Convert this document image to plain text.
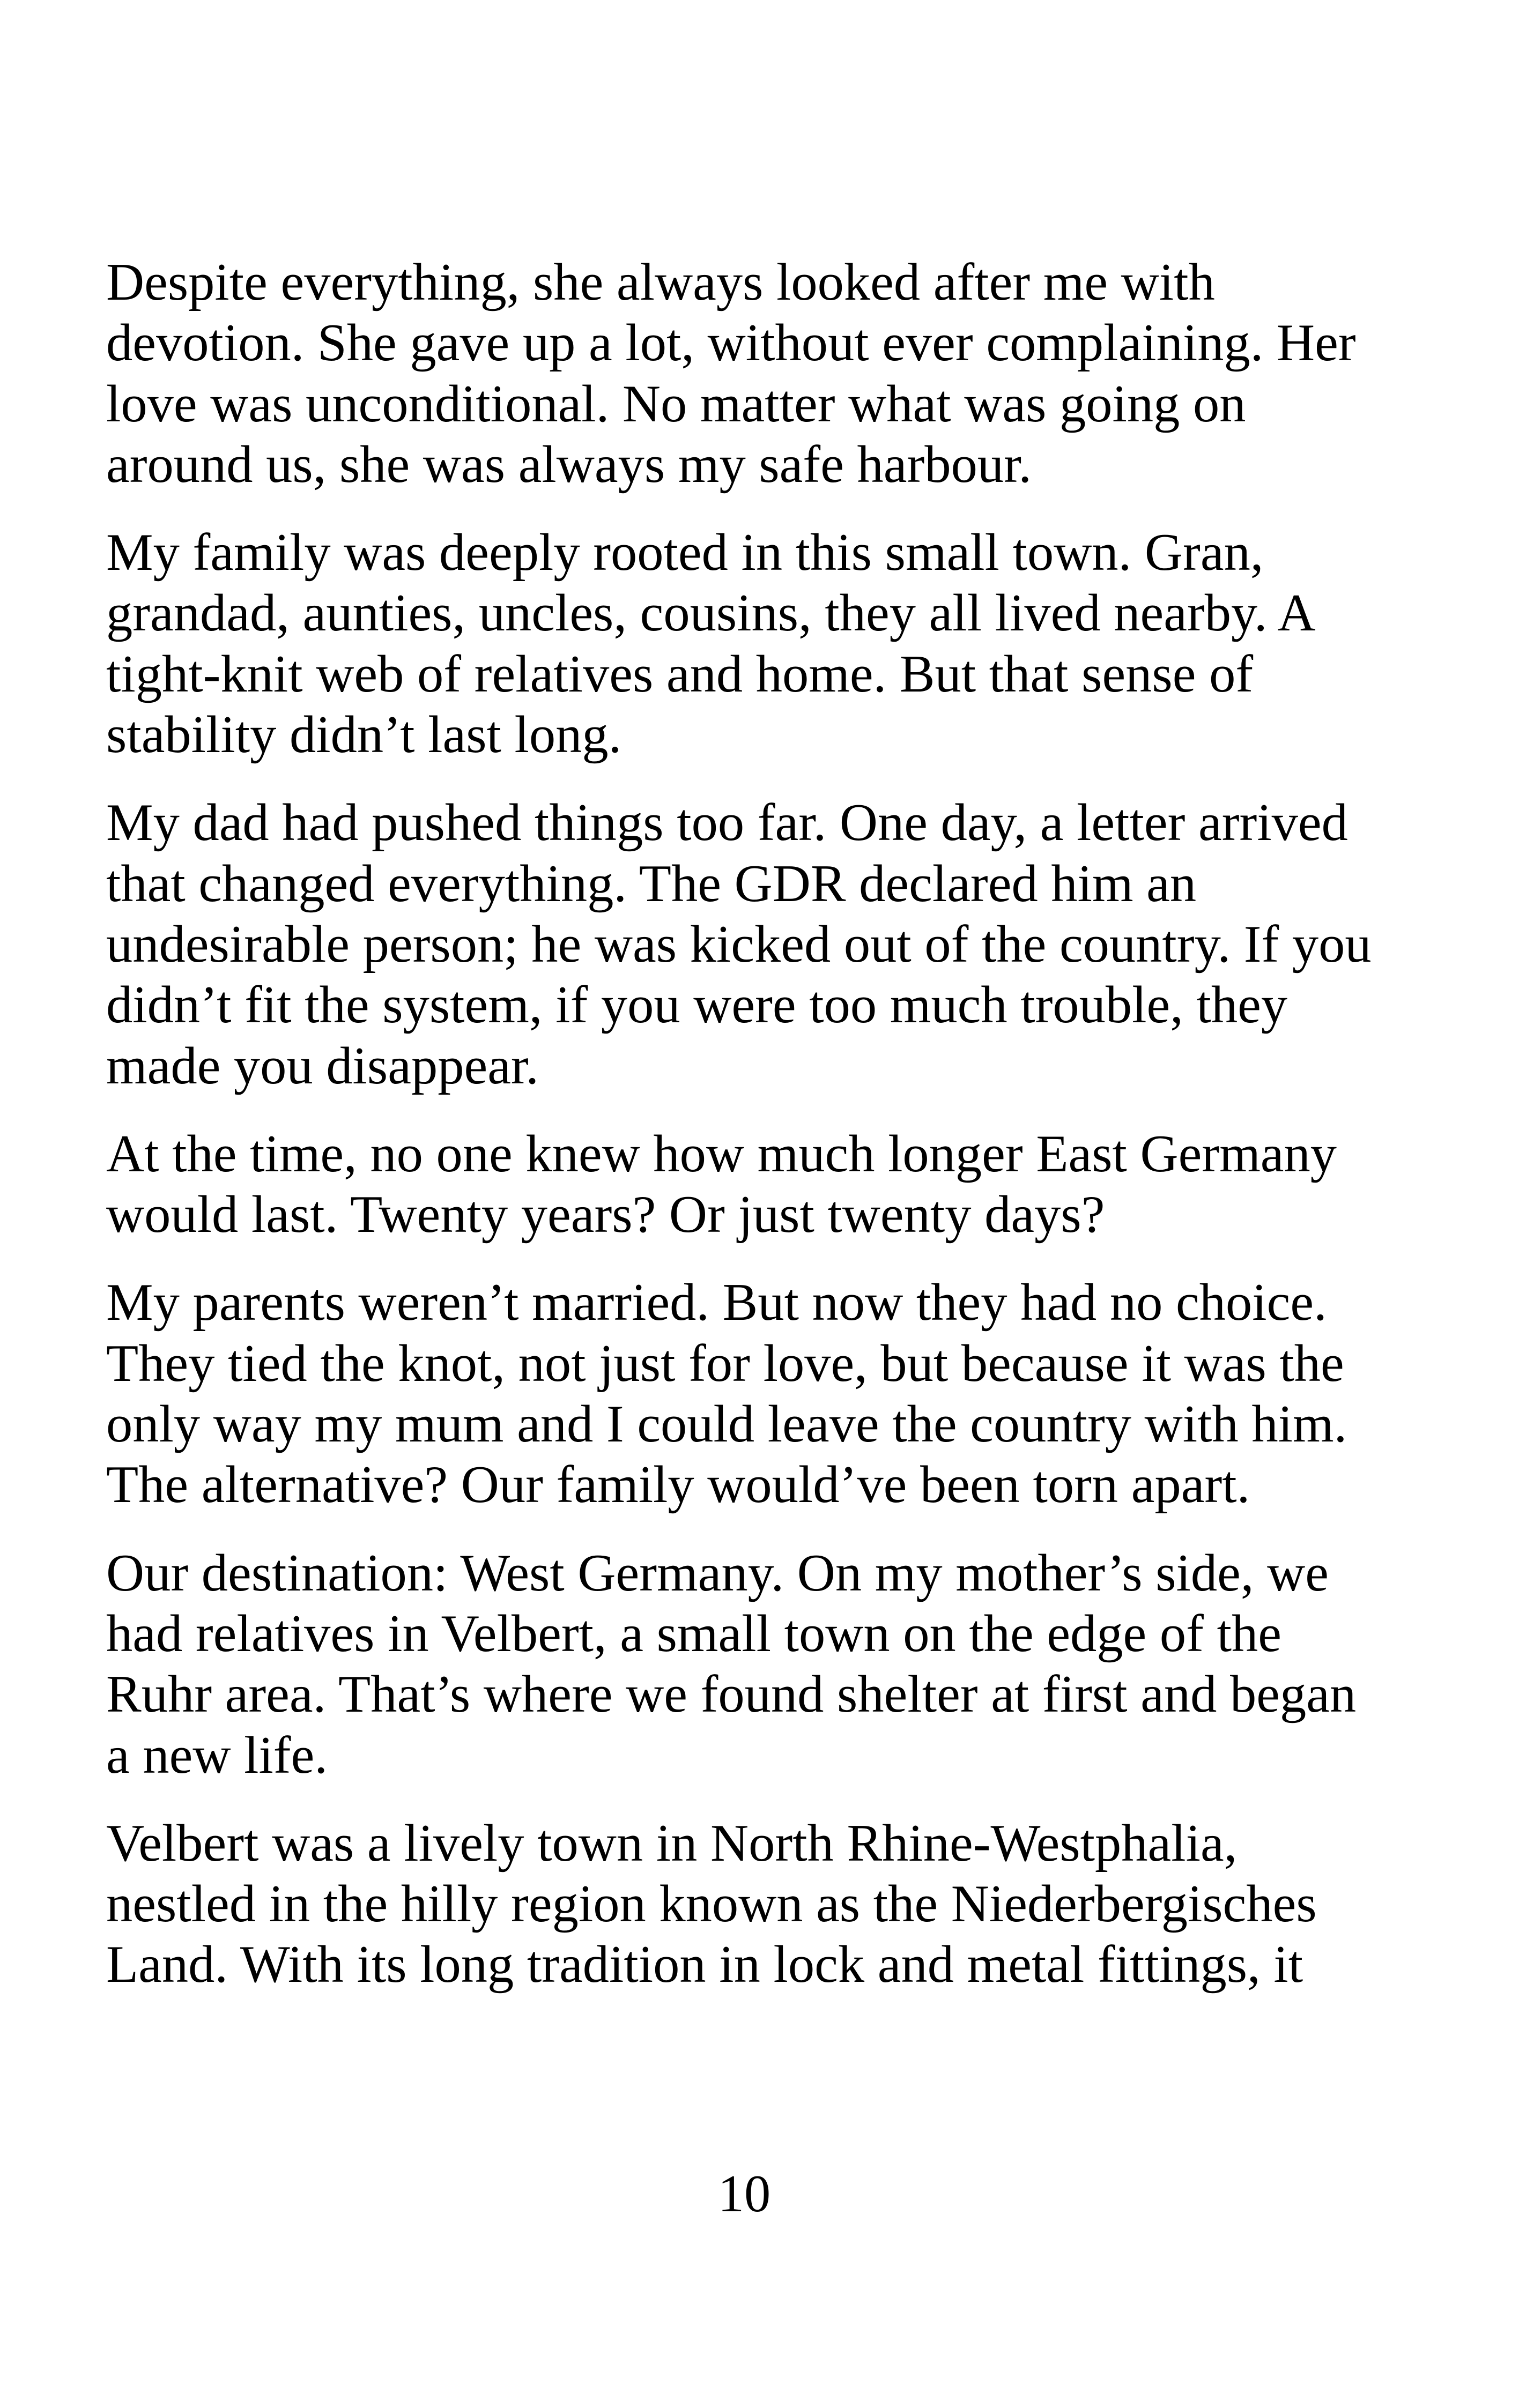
Despite everything, she always looked after me with
devotion. She gave up a lot, without ever complaining. Her
love was unconditional. No matter what was going on
around us, she was always my safe harbour.
My family was deeply rooted in this small town. Gran,
grandad, aunties, uncles, cousins, they all lived nearby. A
tight-knit web of relatives and home. But that sense of
stability didn’t last long.
My dad had pushed things too far. One day, a letter arrived
that changed everything. The GDR declared him an
undesirable person; he was kicked out of the country. If you
didn’t fit the system, if you were too much trouble, they
made you disappear.
At the time, no one knew how much longer East Germany
would last. Twenty years? Or just twenty days?
My parents weren’t married. But now they had no choice.
They tied the knot, not just for love, but because it was the
only way my mum and I could leave the country with him.
The alternative? Our family would’ve been torn apart.
Our destination: West Germany. On my mother’s side, we
had relatives in Velbert, a small town on the edge of the
Ruhr area. That’s where we found shelter at first and began
a new life.
Velbert was a lively town in North Rhine-Westphalia,
nestled in the hilly region known as the Niederbergisches
Land. With its long tradition in lock and metal fittings, it
10
